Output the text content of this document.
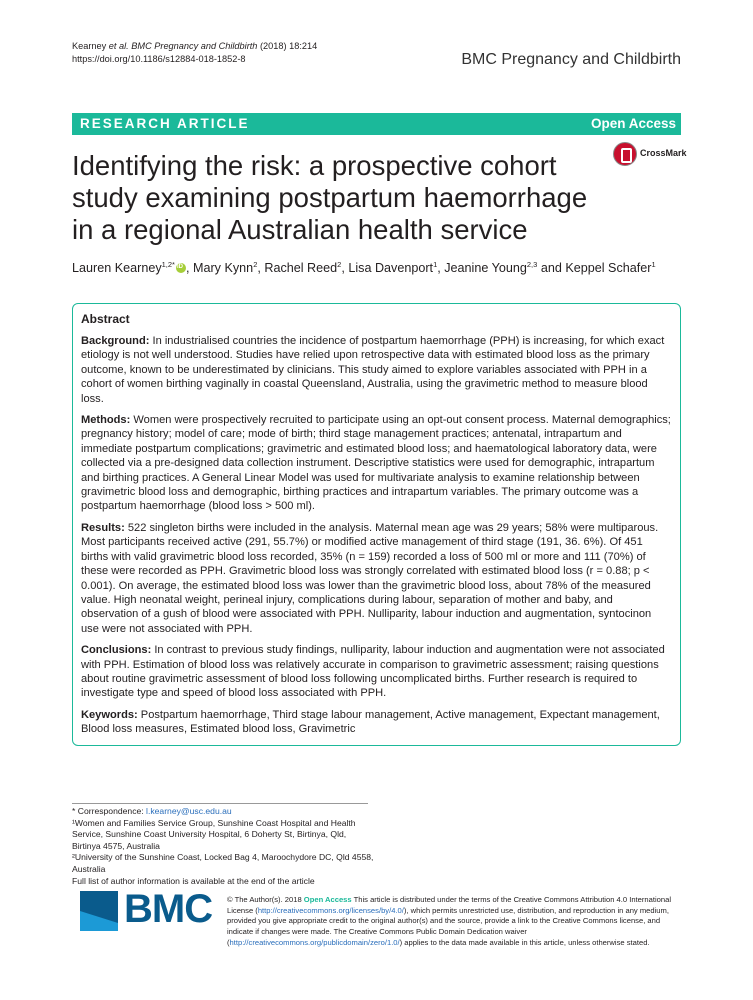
Kearney et al. BMC Pregnancy and Childbirth (2018) 18:214
https://doi.org/10.1186/s12884-018-1852-8	BMC Pregnancy and Childbirth
RESEARCH ARTICLE	Open Access
Identifying the risk: a prospective cohort study examining postpartum haemorrhage in a regional Australian health service
CrossMark
Lauren Kearney$^{1,2*}$iD , Mary Kynn$^2$, Rachel Reed$^2$, Lisa Davenport$^1$, Jeanine Young$^{2,3}$ and Keppel Schafer$^1$
Abstract

Background: In industrialised countries the incidence of postpartum haemorrhage (PPH) is increasing, for which exact etiology is not well understood. Studies have relied upon retrospective data with estimated blood loss as the primary outcome, known to be underestimated by clinicians. This study aimed to explore variables associated with PPH in a cohort of women birthing vaginally in coastal Queensland, Australia, using the gravimetric method to measure blood loss.

Methods: Women were prospectively recruited to participate using an opt-out consent process. Maternal demographics; pregnancy history; model of care; mode of birth; third stage management practices; antenatal, intrapartum and immediate postpartum complications; gravimetric and estimated blood loss; and haematological laboratory data, were collected via a pre-designed data collection instrument. Descriptive statistics were used for demographic, intrapartum and birthing practices. A General Linear Model was used for multivariate analysis to examine relationship between gravimetric blood loss and demographic, birthing practices and intrapartum variables. The primary outcome was a postpartum haemorrhage (blood loss > 500 ml).

Results: 522 singleton births were included in the analysis. Maternal mean age was 29 years; 58% were multiparous. Most participants received active (291, 55.7%) or modified active management of third stage (191, 36. 6%). Of 451 births with valid gravimetric blood loss recorded, 35% (n = 159) recorded a loss of 500 ml or more and 111 (70%) of these were recorded as PPH. Gravimetric blood loss was strongly correlated with estimated blood loss (r = 0.88; p < 0.001). On average, the estimated blood loss was lower than the gravimetric blood loss, about 78% of the measured value. High neonatal weight, perineal injury, complications during labour, separation of mother and baby, and observation of a gush of blood were associated with PPH. Nulliparity, labour induction and augmentation, syntocinon use were not associated with PPH.

Conclusions: In contrast to previous study findings, nulliparity, labour induction and augmentation were not associated with PPH. Estimation of blood loss was relatively accurate in comparison to gravimetric assessment; raising questions about routine gravimetric assessment of blood loss following uncomplicated births. Further research is required to investigate type and speed of blood loss associated with PPH.

Keywords: Postpartum haemorrhage, Third stage labour management, Active management, Expectant management, Blood loss measures, Estimated blood loss, Gravimetric

* Correspondence: l.kearney@usc.edu.au

¹Women and Families Service Group, Sunshine Coast Hospital and Health Service, Sunshine Coast University Hospital, 6 Doherty St, Birtinya, Qld, Birtinya 4575, Australia

²University of the Sunshine Coast, Locked Bag 4, Maroochydore DC, Qld 4558, Australia

Full list of author information is available at the end of the article

BMC © The Author(s). 2018 Open Access This article is distributed under the terms of the Creative Commons Attribution 4.0 International License (http://creativecommons.org/licenses/by/4.0/), which permits unrestricted use, distribution, and reproduction in any medium, provided you give appropriate credit to the original author(s) and the source, provide a link to the Creative Commons license, and indicate if changes were made. The Creative Commons Public Domain Dedication waiver (http://creativecommons.org/publicdomain/zero/1.0/) applies to the data made available in this article, unless otherwise stated.
